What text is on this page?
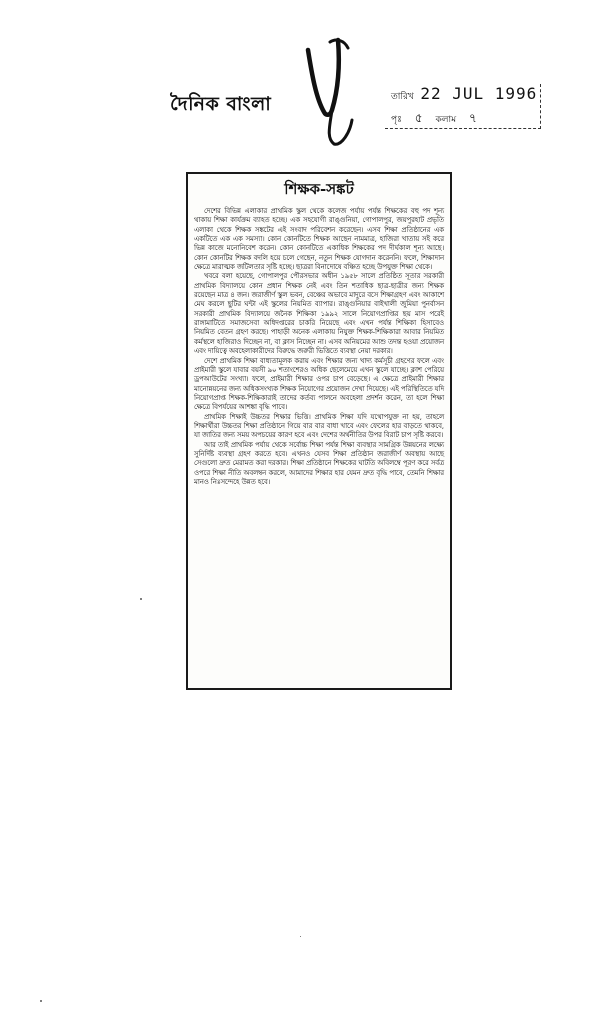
দৈনিক বাংলা	তারিখ 22 JUL 1996
পৃঃ ৫ কলাম ৭
শিক্ষক-সঙ্কট

দেশের বিভিন্ন এলাকার প্রাথমিক স্কুল থেকে কলেজ পর্যায় পর্যন্ত শিক্ষকের বহু পদ শূন্য থাকায় শিক্ষা কার্যক্রম ব্যাহত হচ্ছে। এক সহযোগী রাঙ্গুনিয়া, গোপালপুর, জয়পুরহাট প্রভৃতি এলাকা থেকে শিক্ষক সঙ্কটের এই সংবাদ পরিবেশন করেছেন। এসব শিক্ষা প্রতিষ্ঠানের এক একটিতে এক এক সমস্যা। কোন কোনটিতে শিক্ষক আছেন নামমাত্র, হাজিরা খাতায় সই করে ভিন্ন কাজে মনোনিবেশ করেন। কোন কোনটিতে একাধিক শিক্ষকের পদ দীর্ঘকাল শূন্য আছে। কোন কোনটির শিক্ষক বদলি হয়ে চলে গেছেন, নতুন শিক্ষক যোগদান করেননি। ফলে, শিক্ষাদান ক্ষেত্রে মারাত্মক জটিলতার সৃষ্টি হচ্ছে। ছাত্ররা বিনাদোষে বঞ্চিত হচ্ছে উপযুক্ত শিক্ষা থেকে।

খবরে বলা হয়েছে, গোপালপুর পৌরসভার অধীন ১৯৫৮ সালে প্রতিষ্ঠিত সূতার সরকারী প্রাথমিক বিদ্যালয়ে কোন প্রধান শিক্ষক নেই এবং তিন শতাধিক ছাত্র-ছাত্রীর জন্য শিক্ষক রয়েছেন মাত্র ৪ জন। জরাজীর্ণ স্কুল ভবন, বেঞ্চের অভাবে মাদুরে বসে শিক্ষাগ্রহণ এবং আকাশে মেঘ করলে ছুটির ঘন্টা এই স্কুলের নিয়মিত ব্যাপার। রাঙ্গুনিয়ার বাইখালী জুমিয়া পুনর্বাসন সরকারী প্রাথমিক বিদ্যালয়ে জনৈক শিক্ষিকা ১৯৯২ সালে নিয়োগপ্রাপ্তির ছয় মাস পরেই রাঙ্গামাটিতে সমাজসেবা অধিদপ্তরের চাকরি নিয়েছে এবং এখন পর্যন্ত শিক্ষিকা হিসাবেও নিয়মিত বেতন গ্রহণ করছে। পাহাড়ী অনেক এলাকায় নিযুক্ত শিক্ষক-শিক্ষিকারা আবার নিয়মিত কর্মস্থলে হাজিরাও দিচ্ছেন না, বা ক্লাস নিচ্ছেন না। এসব অনিয়মের আশু তদন্ত হওয়া প্রয়োজন এবং দায়িত্বে অবহেলাকারীদের বিরুদ্ধে জরুরী ভিত্তিতে ব্যবস্থা নেয়া দরকার।

দেশে প্রাথমিক শিক্ষা বাধ্যতামূলক করায় এবং শিক্ষার জন্য খাদ্য কর্মসূচী গ্রহণের ফলে এবং প্রাইমারী স্কুলে যাবার বয়সী ৯০ শতাংশেরও অধিক ছেলেমেয়ে এখন স্কুলে যাচ্ছে। ক্লাশ পেরিয়ে ড্রপআউটের সংখ্যা। ফলে, প্রাইমারী শিক্ষার ওপর চাপ বেড়েছে। এ ক্ষেত্রে প্রাইমারী শিক্ষার মানোন্নয়নের জন্য অধিকসংখ্যক শিক্ষক নিয়োগের প্রয়োজন দেখা দিয়েছে। এই পরিস্থিতিতে যদি নিয়োগপ্রাপ্ত শিক্ষক-শিক্ষিকারাই তাদের কর্তব্য পালনে অবহেলা প্রদর্শন করেন, তা হলে শিক্ষা ক্ষেত্রে বিপর্যয়ের আশঙ্কা বৃদ্ধি পাবে।

প্রাথমিক শিক্ষাই উচ্চতর শিক্ষার ভিত্তি। প্রাথমিক শিক্ষা যদি যথোপযুক্ত না হয়, তাহলে শিক্ষার্থীরা উচ্চতর শিক্ষা প্রতিষ্ঠানে গিয়ে বার বার বাধা খাবে এবং ফেলের হার বাড়তে থাকবে, যা জাতির জন্য সময় অপচয়ের কারণ হবে এবং দেশের অর্থনীতির উপর বিরাট চাপ সৃষ্টি করবে।

আর তাই প্রাথমিক পর্যায় থেকে সর্বোচ্চ শিক্ষা পর্যন্ত শিক্ষা ব্যবস্থার সামগ্রিক উন্নয়নের লক্ষ্যে সুনির্দিষ্ট ব্যবস্থা গ্রহণ করতে হবে। এখনও যেসব শিক্ষা প্রতিষ্ঠান জরাজীর্ণ অবস্থায় আছে সেগুলো দ্রুত মেরামত করা দরকার। শিক্ষা প্রতিষ্ঠানে শিক্ষকের ঘাটতি অবিলম্বে পূরণ করে সর্বত্র ওপরে শিক্ষা নীতি অবলম্বন করলে, আমাদের শিক্ষার হার যেমন দ্রুত বৃদ্ধি পাবে, তেমনি শিক্ষার মানও নিঃসন্দেহে উন্নত হবে।
